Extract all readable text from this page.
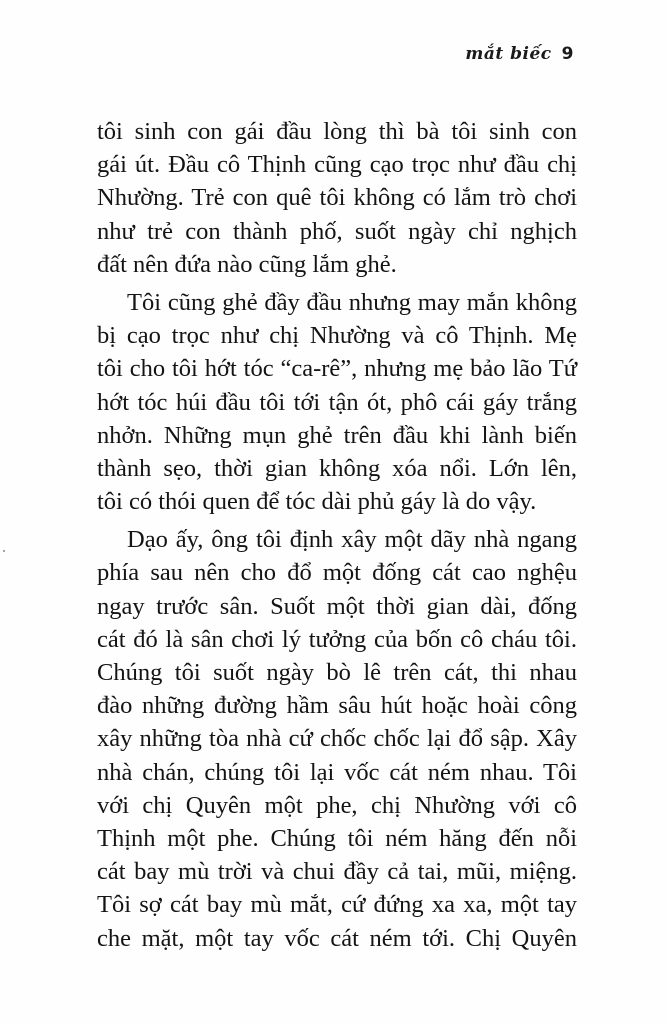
mắt biếc 9
tôi sinh con gái đầu lòng thì bà tôi sinh con
gái út. Đầu cô Thịnh cũng cạo trọc như đầu chị
Nhường. Trẻ con quê tôi không có lắm trò chơi
như trẻ con thành phố, suốt ngày chỉ nghịch
đất nên đứa nào cũng lắm ghẻ.
Tôi cũng ghẻ đầy đầu nhưng may mắn không
bị cạo trọc như chị Nhường và cô Thịnh. Mẹ
tôi cho tôi hớt tóc “ca-rê”, nhưng mẹ bảo lão Tứ
hớt tóc húi đầu tôi tới tận ót, phô cái gáy trắng
nhởn. Những mụn ghẻ trên đầu khi lành biến
thành sẹo, thời gian không xóa nổi. Lớn lên,
tôi có thói quen để tóc dài phủ gáy là do vậy.
Dạo ấy, ông tôi định xây một dãy nhà ngang
phía sau nên cho đổ một đống cát cao nghệu
ngay trước sân. Suốt một thời gian dài, đống
cát đó là sân chơi lý tưởng của bốn cô cháu tôi.
Chúng tôi suốt ngày bò lê trên cát, thi nhau
đào những đường hầm sâu hút hoặc hoài công
xây những tòa nhà cứ chốc chốc lại đổ sập. Xây
nhà chán, chúng tôi lại vốc cát ném nhau. Tôi
với chị Quyên một phe, chị Nhường với cô
Thịnh một phe. Chúng tôi ném hăng đến nỗi
cát bay mù trời và chui đầy cả tai, mũi, miệng.
Tôi sợ cát bay mù mắt, cứ đứng xa xa, một tay
che mặt, một tay vốc cát ném tới. Chị Quyên
